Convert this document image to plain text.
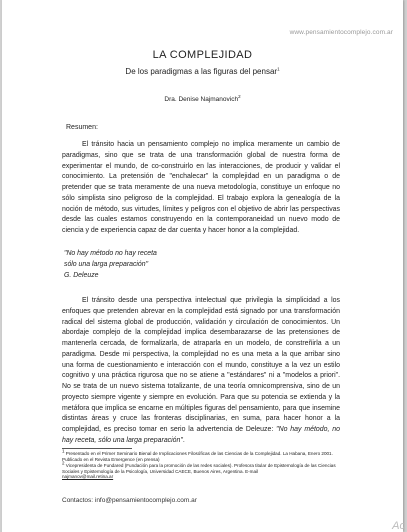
www.pensamientocomplejo.com.ar
LA COMPLEJIDAD
De los paradigmas a las figuras del pensar$^1$
Dra. Denise Najmanovich$^2$
Resumen:

El tránsito hacia un pensamiento complejo no implica meramente un cambio de paradigmas, sino que se trata de una transformación global de nuestra forma de experimentar el mundo, de co-construirlo en las interacciones, de producir y validar el conocimiento. La pretensión de "enchalecar" la complejidad en un paradigma o de pretender que se trata meramente de una nueva metodología, constituye un enfoque no sólo simplista sino peligroso de la complejidad. El trabajo explora la genealogía de la noción de método, sus virtudes, límites y peligros con el objetivo de abrir las perspectivas desde las cuales estamos construyendo en la contemporaneidad un nuevo modo de ciencia y de experiencia capaz de dar cuenta y hacer honor a la complejidad.

"No hay método no hay receta
sólo una larga preparación"
G. Deleuze

El tránsito desde una perspectiva intelectual que privilegia la simplicidad a los enfoques que pretenden abrevar en la complejidad está signado por una transformación radical del sistema global de producción, validación y circulación de conocimientos. Un abordaje complejo de la complejidad implica desembarazarse de las pretensiones de mantenerla cercada, de formalizarla, de atraparla en un modelo, de constreñirla a un paradigma. Desde mi perspectiva, la complejidad no es una meta a la que arribar sino una forma de cuestionamiento e interacción con el mundo, constituye a la vez un estilo cognitivo y una práctica rigurosa que no se atiene a "estándares" ni a "modelos a priori". No se trata de un nuevo sistema totalizante, de una teoría omnicomprensiva, sino de un proyecto siempre vigente y siempre en evolución. Para que su potencia se extienda y la metáfora que implica se encarne en múltiples figuras del pensamiento, para que insemine distintas áreas y cruce las fronteras disciplinarias, en suma, para hacer honor a la complejidad, es preciso tomar en serio la advertencia de Deleuze: "No hay método, no hay receta, sólo una larga preparación".

$^1$ Presentado en el Primer Seminario Bienal de Implicaciones Filosóficas de las Ciencias de la Complejidad. La Habana, Enero 2001. Publicado en el Revista Emergence (en prensa)

$^2$ Vicepresidenta de Fundared (Fundación para la promoción de las redes sociales). Profesora titular de Epistemología de las Ciencias Sociales y Epistemología de la Psicología, Universidad CAECE, Buenos Aires, Argentina. E-mail
najmanov@mail.retina.ar

Contactos: info@pensamientocomplejo.com.ar
Ac
